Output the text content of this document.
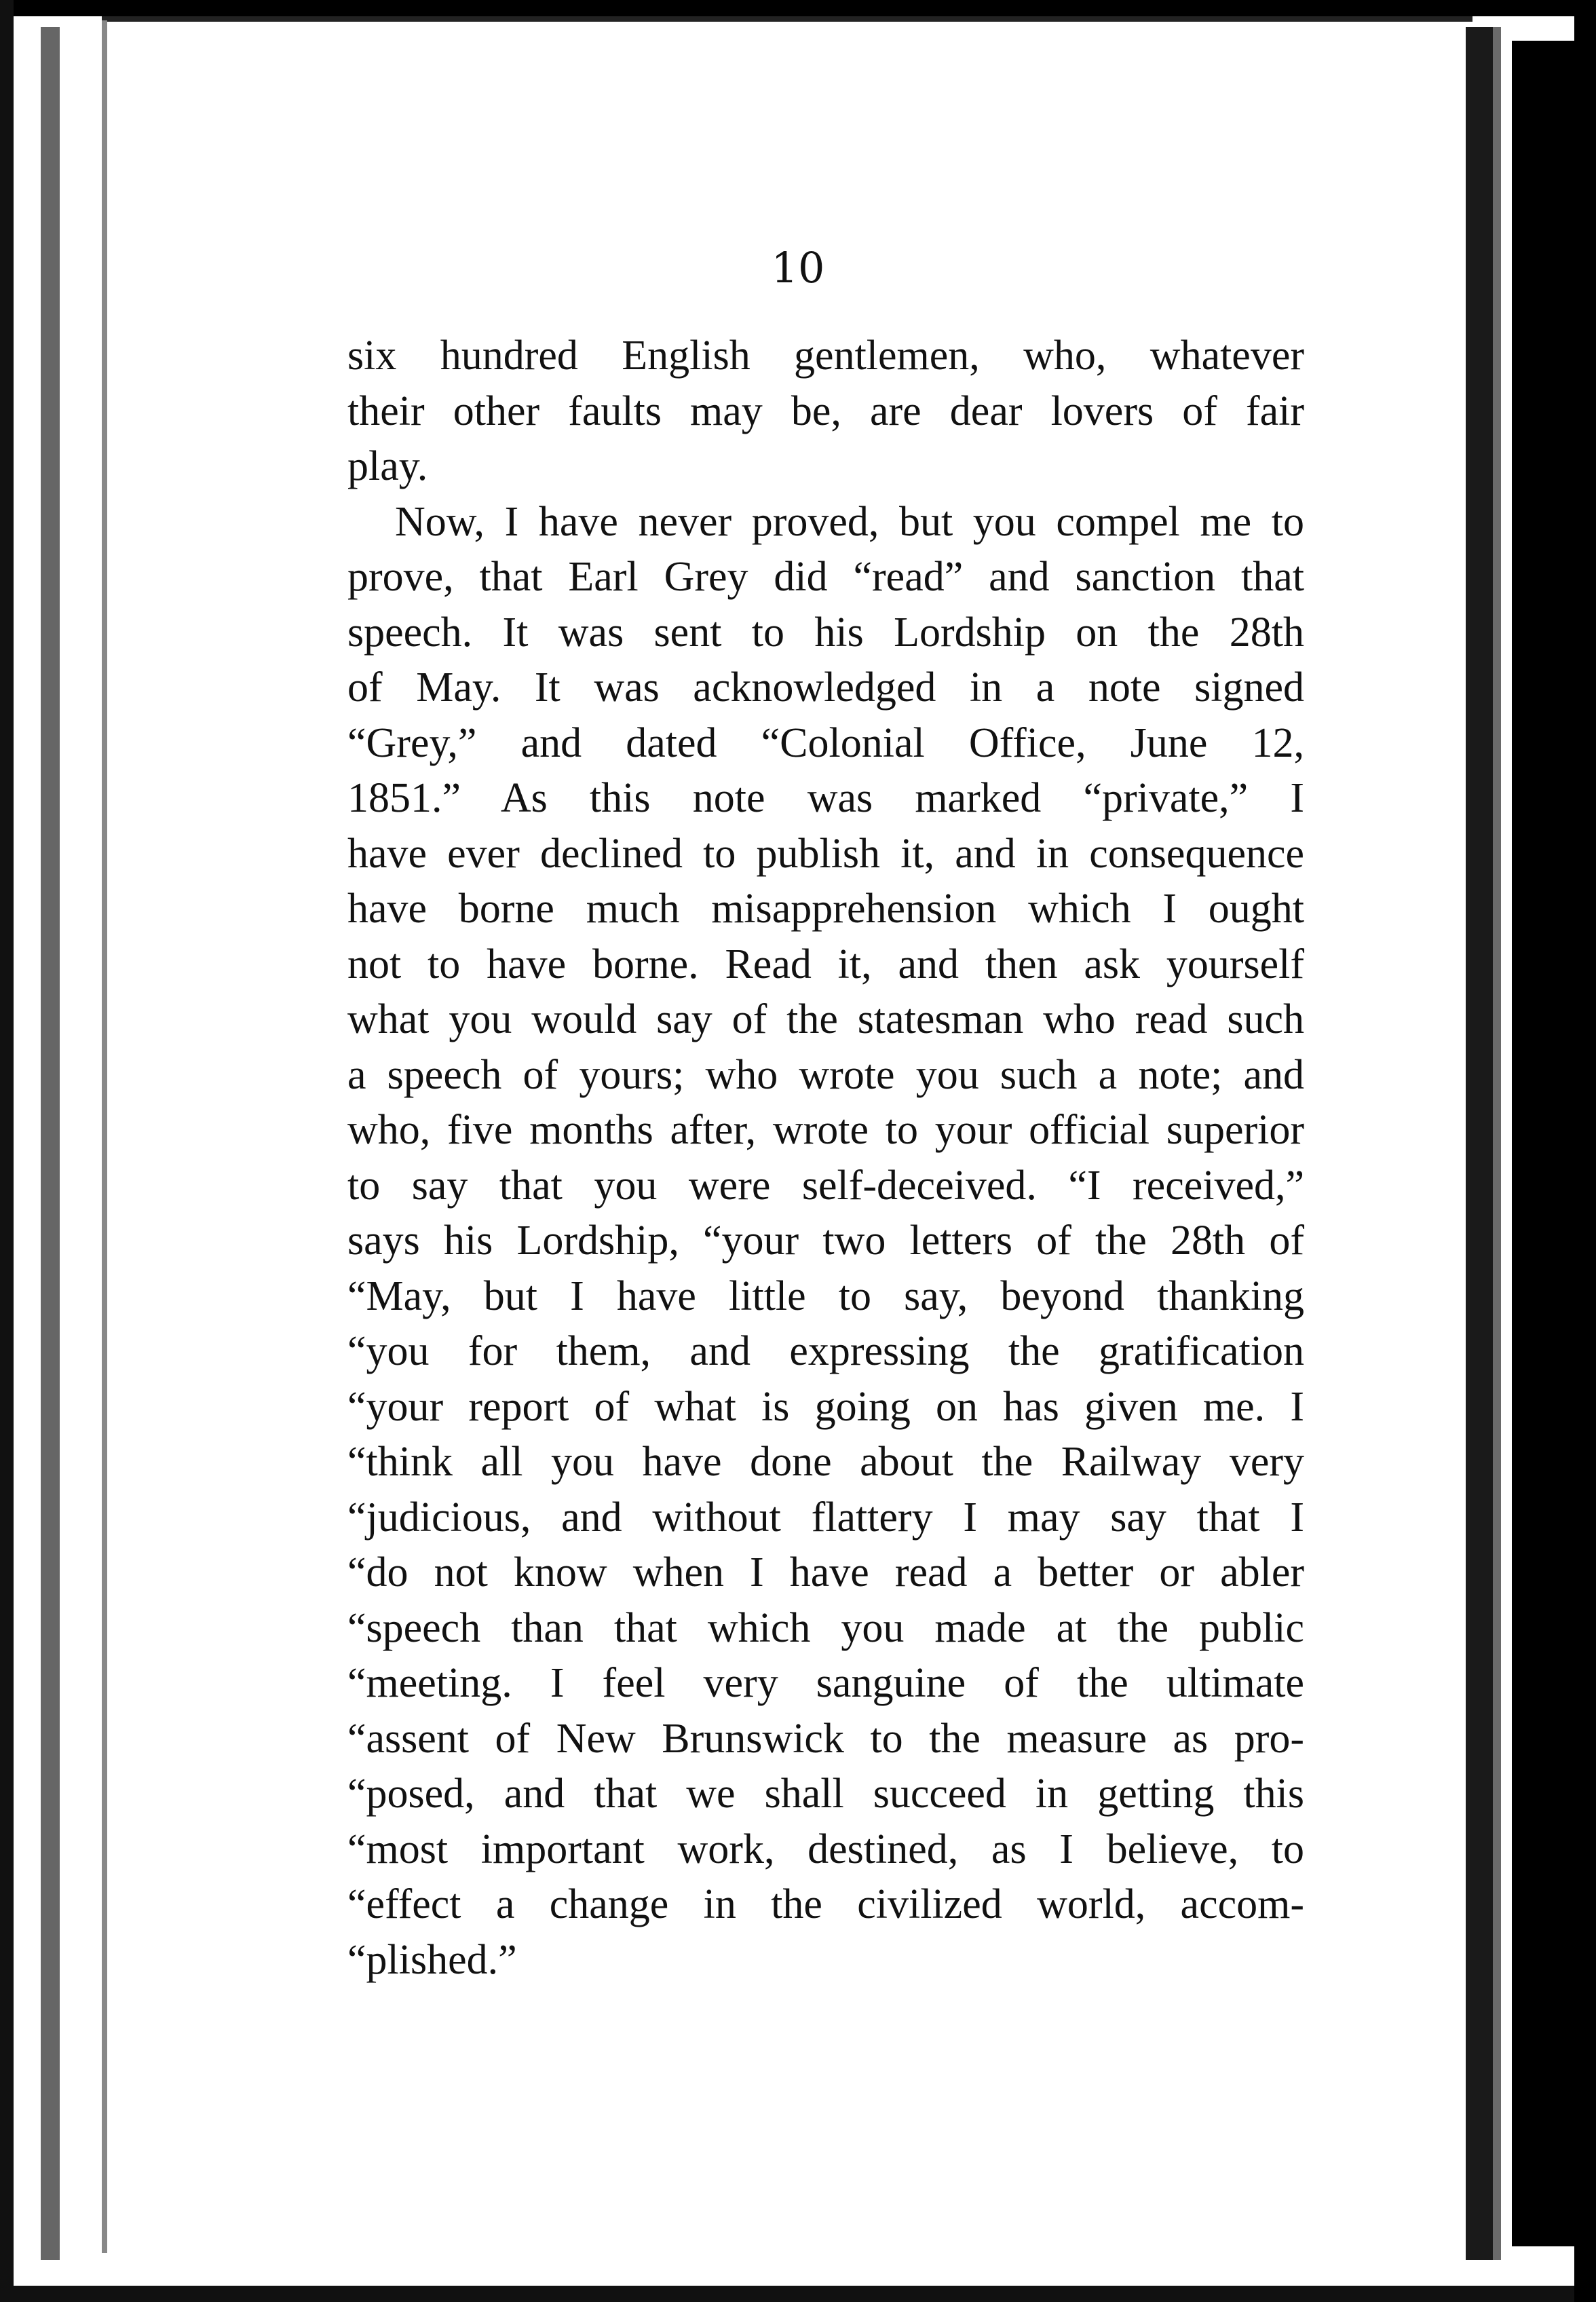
10
six hundred English gentlemen, who, whatever
their other faults may be, are dear lovers of fair
play.
Now, I have never proved, but you compel me to
prove, that Earl Grey did “read” and sanction that
speech. It was sent to his Lordship on the 28th
of May. It was acknowledged in a note signed
“Grey,” and dated “Colonial Office, June 12,
1851.” As this note was marked “private,” I
have ever declined to publish it, and in consequence
have borne much misapprehension which I ought
not to have borne. Read it, and then ask yourself
what you would say of the statesman who read such
a speech of yours; who wrote you such a note; and
who, five months after, wrote to your official superior
to say that you were self-deceived. “I received,”
says his Lordship, “your two letters of the 28th of
“May, but I have little to say, beyond thanking
“you for them, and expressing the gratification
“your report of what is going on has given me. I
“think all you have done about the Railway very
“judicious, and without flattery I may say that I
“do not know when I have read a better or abler
“speech than that which you made at the public
“meeting. I feel very sanguine of the ultimate
“assent of New Brunswick to the measure as pro-
“posed, and that we shall succeed in getting this
“most important work, destined, as I believe, to
“effect a change in the civilized world, accom-
“plished.”
